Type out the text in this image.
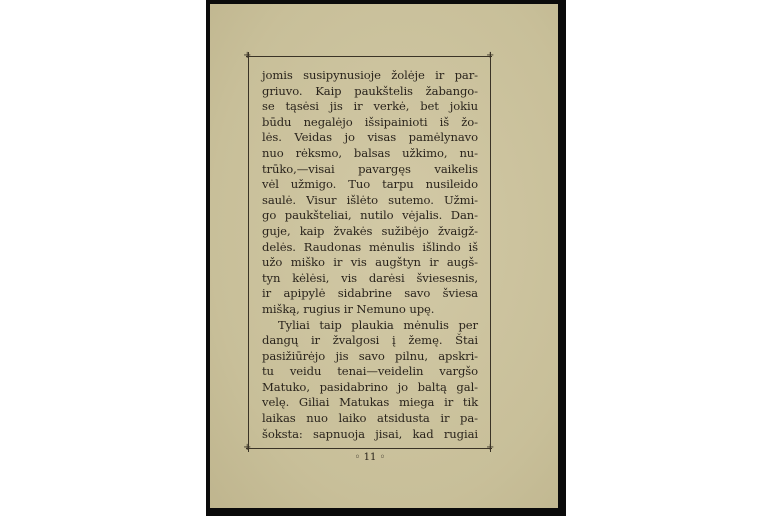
+	+
+	+
jomis susipynusioje žolėje ir par-
griuvo. Kaip paukštelis žabango-
se tąsėsi jis ir verkė, bet jokiu
būdu negalėjo išsipainioti iš žo-
lės. Veidas jo visas pamėlynavo
nuo rėksmo, balsas užkimo, nu-
trūko,—visai pavargęs vaikelis
vėl užmigo. Tuo tarpu nusileido
saulė. Visur išlėto sutemo. Užmi-
go paukšteliai, nutilo vėjalis. Dan-
guje, kaip žvakės sužibėjo žvaigž-
delės. Raudonas mėnulis išlindo iš
užo miško ir vis augštyn ir augš-
tyn kėlėsi, vis darėsi šviesesnis,
ir apipylė sidabrine savo šviesa
mišką, rugius ir Nemuno upę.
Tyliai taip plaukia mėnulis per
dangų ir žvalgosi į žemę. Štai
pasižiūrėjo jis savo pilnu, apskri-
tu veidu tenai—veidelin vargšo
Matuko, pasidabrino jo baltą gal-
velę. Giliai Matukas miega ir tik
laikas nuo laiko atsidusta ir pa-
šoksta: sapnuoja jisai, kad rugiai
◦ 11 ◦
